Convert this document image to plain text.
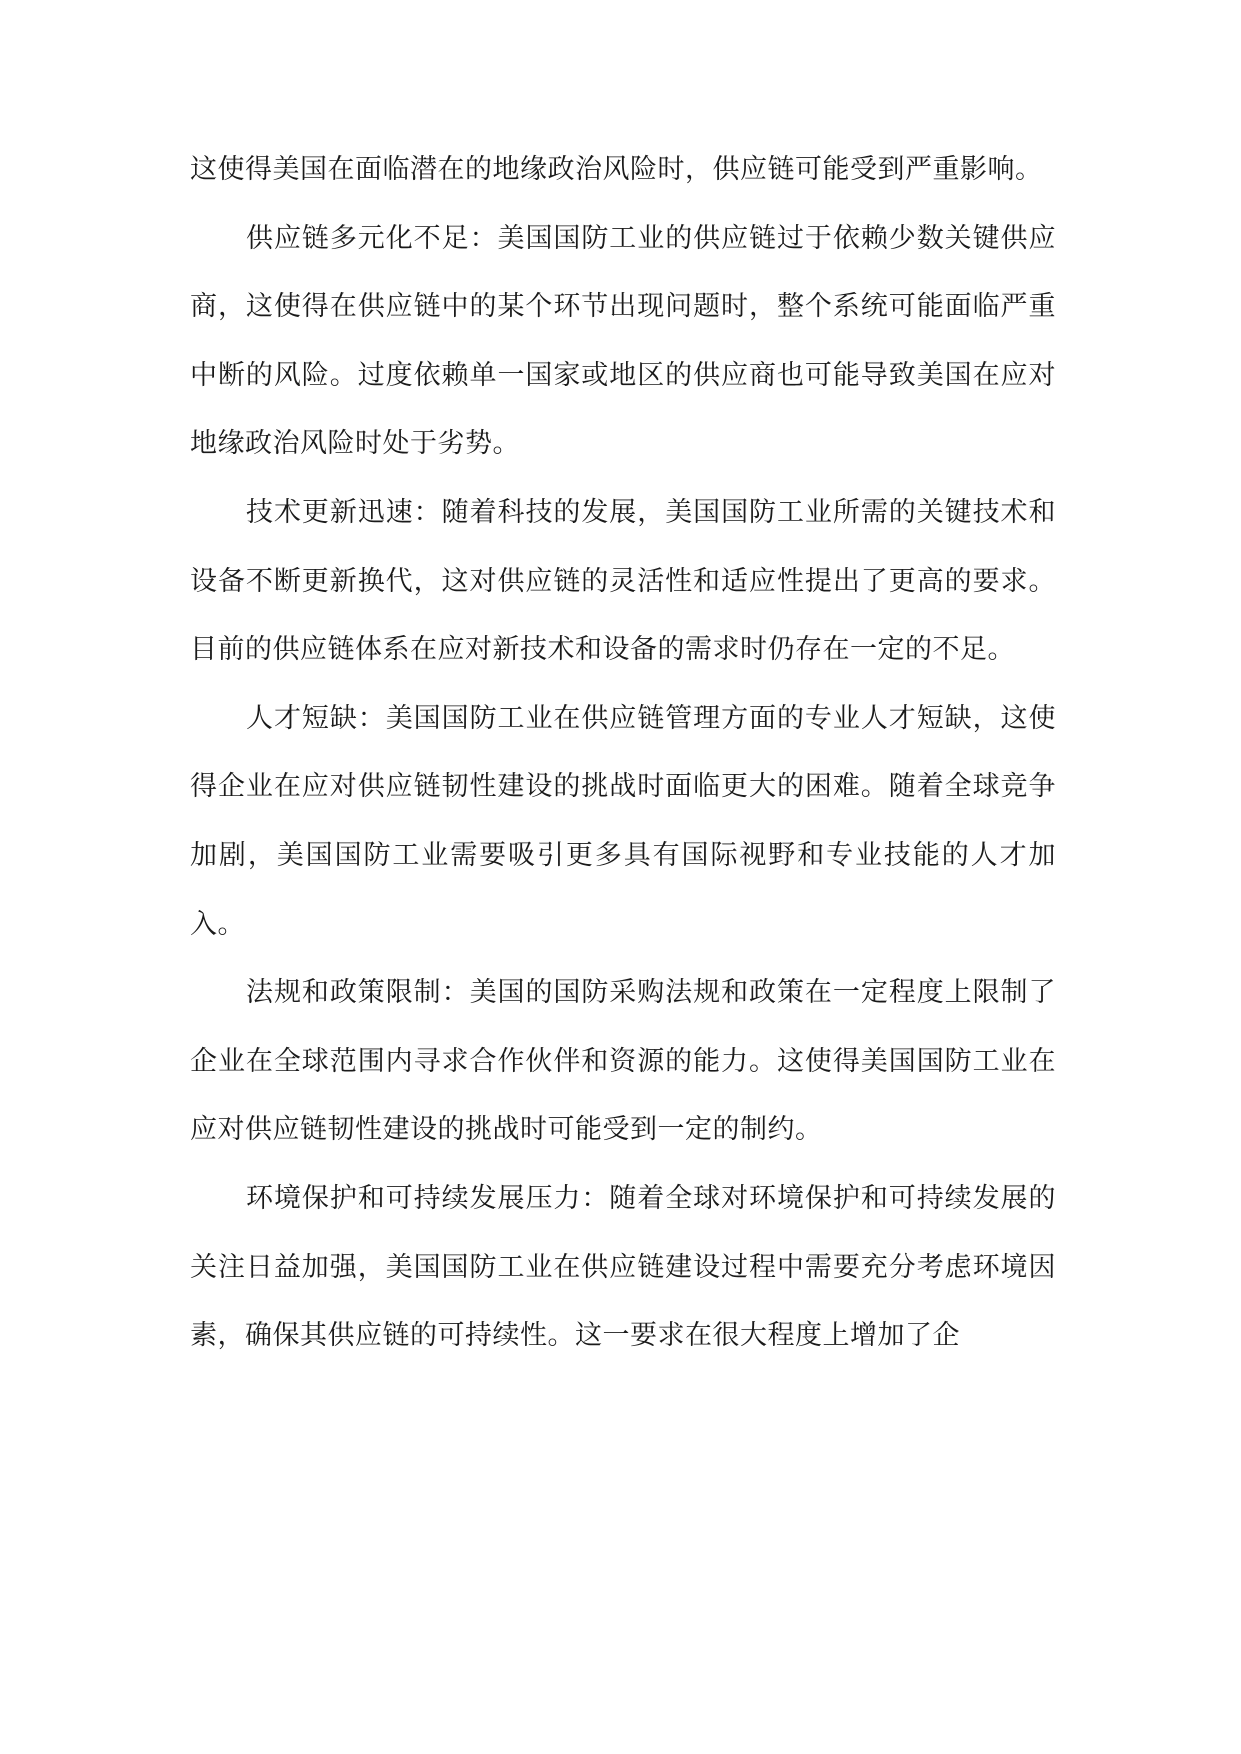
这使得美国在面临潜在的地缘政治风险时，供应链可能受到严重影响。

供应链多元化不足：美国国防工业的供应链过于依赖少数关键供应商，这使得在供应链中的某个环节出现问题时，整个系统可能面临严重中断的风险。过度依赖单一国家或地区的供应商也可能导致美国在应对地缘政治风险时处于劣势。

技术更新迅速：随着科技的发展，美国国防工业所需的关键技术和设备不断更新换代，这对供应链的灵活性和适应性提出了更高的要求。目前的供应链体系在应对新技术和设备的需求时仍存在一定的不足。

人才短缺：美国国防工业在供应链管理方面的专业人才短缺，这使得企业在应对供应链韧性建设的挑战时面临更大的困难。随着全球竞争加剧，美国国防工业需要吸引更多具有国际视野和专业技能的人才加入。

法规和政策限制：美国的国防采购法规和政策在一定程度上限制了企业在全球范围内寻求合作伙伴和资源的能力。这使得美国国防工业在应对供应链韧性建设的挑战时可能受到一定的制约。

环境保护和可持续发展压力：随着全球对环境保护和可持续发展的关注日益加强，美国国防工业在供应链建设过程中需要充分考虑环境因素，确保其供应链的可持续性。这一要求在很大程度上增加了企
